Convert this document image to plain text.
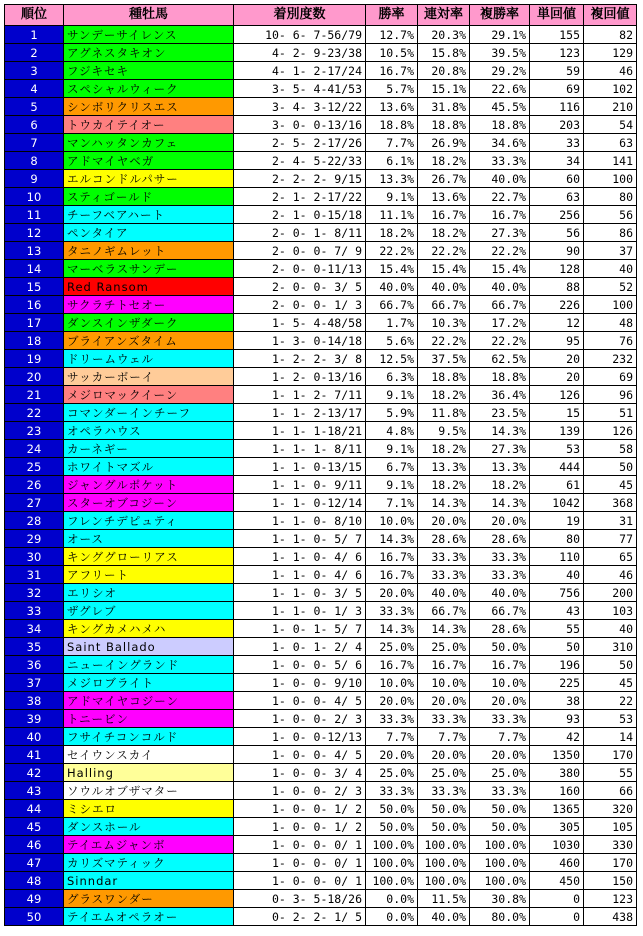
順位	種牡馬	着別度数	勝率	連対率	複勝率	単回値	複回値
1	サンデーサイレンス	10- 6- 7-56/79	12.7%	20.3%	29.1%	155	82
2	アグネスタキオン	4- 2- 9-23/38	10.5%	15.8%	39.5%	123	129
3	フジキセキ	4- 1- 2-17/24	16.7%	20.8%	29.2%	59	46
4	スペシャルウィーク	3- 5- 4-41/53	5.7%	15.1%	22.6%	69	102
5	シンボリクリスエス	3- 4- 3-12/22	13.6%	31.8%	45.5%	116	210
6	トウカイテイオー	3- 0- 0-13/16	18.8%	18.8%	18.8%	203	54
7	マンハッタンカフェ	2- 5- 2-17/26	7.7%	26.9%	34.6%	33	63
8	アドマイヤベガ	2- 4- 5-22/33	6.1%	18.2%	33.3%	34	141
9	エルコンドルパサー	2- 2- 2- 9/15	13.3%	26.7%	40.0%	60	100
10	スティゴールド	2- 1- 2-17/22	9.1%	13.6%	22.7%	63	80
11	チーフベアハート	2- 1- 0-15/18	11.1%	16.7%	16.7%	256	56
12	ペンタイア	2- 0- 1- 8/11	18.2%	18.2%	27.3%	56	86
13	タニノギムレット	2- 0- 0- 7/ 9	22.2%	22.2%	22.2%	90	37
14	マーベラスサンデー	2- 0- 0-11/13	15.4%	15.4%	15.4%	128	40
15	Red Ransom	2- 0- 0- 3/ 5	40.0%	40.0%	40.0%	88	52
16	サクラチトセオー	2- 0- 0- 1/ 3	66.7%	66.7%	66.7%	226	100
17	ダンスインザダーク	1- 5- 4-48/58	1.7%	10.3%	17.2%	12	48
18	ブライアンズタイム	1- 3- 0-14/18	5.6%	22.2%	22.2%	95	76
19	ドリームウェル	1- 2- 2- 3/ 8	12.5%	37.5%	62.5%	20	232
20	サッカーボーイ	1- 2- 0-13/16	6.3%	18.8%	18.8%	20	69
21	メジロマックイーン	1- 1- 2- 7/11	9.1%	18.2%	36.4%	126	96
22	コマンダーインチーフ	1- 1- 2-13/17	5.9%	11.8%	23.5%	15	51
23	オペラハウス	1- 1- 1-18/21	4.8%	9.5%	14.3%	139	126
24	カーネギー	1- 1- 1- 8/11	9.1%	18.2%	27.3%	53	58
25	ホワイトマズル	1- 1- 0-13/15	6.7%	13.3%	13.3%	444	50
26	ジャングルポケット	1- 1- 0- 9/11	9.1%	18.2%	18.2%	61	45
27	スターオブコジーン	1- 1- 0-12/14	7.1%	14.3%	14.3%	1042	368
28	フレンチデピュティ	1- 1- 0- 8/10	10.0%	20.0%	20.0%	19	31
29	オース	1- 1- 0- 5/ 7	14.3%	28.6%	28.6%	80	77
30	キンググローリアス	1- 1- 0- 4/ 6	16.7%	33.3%	33.3%	110	65
31	アフリート	1- 1- 0- 4/ 6	16.7%	33.3%	33.3%	40	46
32	エリシオ	1- 1- 0- 3/ 5	20.0%	40.0%	40.0%	756	200
33	ザグレブ	1- 1- 0- 1/ 3	33.3%	66.7%	66.7%	43	103
34	キングカメハメハ	1- 0- 1- 5/ 7	14.3%	14.3%	28.6%	55	40
35	Saint Ballado	1- 0- 1- 2/ 4	25.0%	25.0%	50.0%	50	310
36	ニューイングランド	1- 0- 0- 5/ 6	16.7%	16.7%	16.7%	196	50
37	メジロブライト	1- 0- 0- 9/10	10.0%	10.0%	10.0%	225	45
38	アドマイヤコジーン	1- 0- 0- 4/ 5	20.0%	20.0%	20.0%	38	22
39	トニービン	1- 0- 0- 2/ 3	33.3%	33.3%	33.3%	93	53
40	フサイチコンコルド	1- 0- 0-12/13	7.7%	7.7%	7.7%	42	14
41	セイウンスカイ	1- 0- 0- 4/ 5	20.0%	20.0%	20.0%	1350	170
42	Halling	1- 0- 0- 3/ 4	25.0%	25.0%	25.0%	380	55
43	ソウルオブザマター	1- 0- 0- 2/ 3	33.3%	33.3%	33.3%	160	66
44	ミシエロ	1- 0- 0- 1/ 2	50.0%	50.0%	50.0%	1365	320
45	ダンスホール	1- 0- 0- 1/ 2	50.0%	50.0%	50.0%	305	105
46	テイエムジャンボ	1- 0- 0- 0/ 1	100.0%	100.0%	100.0%	1030	330
47	カリズマティック	1- 0- 0- 0/ 1	100.0%	100.0%	100.0%	460	170
48	Sinndar	1- 0- 0- 0/ 1	100.0%	100.0%	100.0%	450	150
49	グラスワンダー	0- 3- 5-18/26	0.0%	11.5%	30.8%	0	123
50	テイエムオペラオー	0- 2- 2- 1/ 5	0.0%	40.0%	80.0%	0	438
